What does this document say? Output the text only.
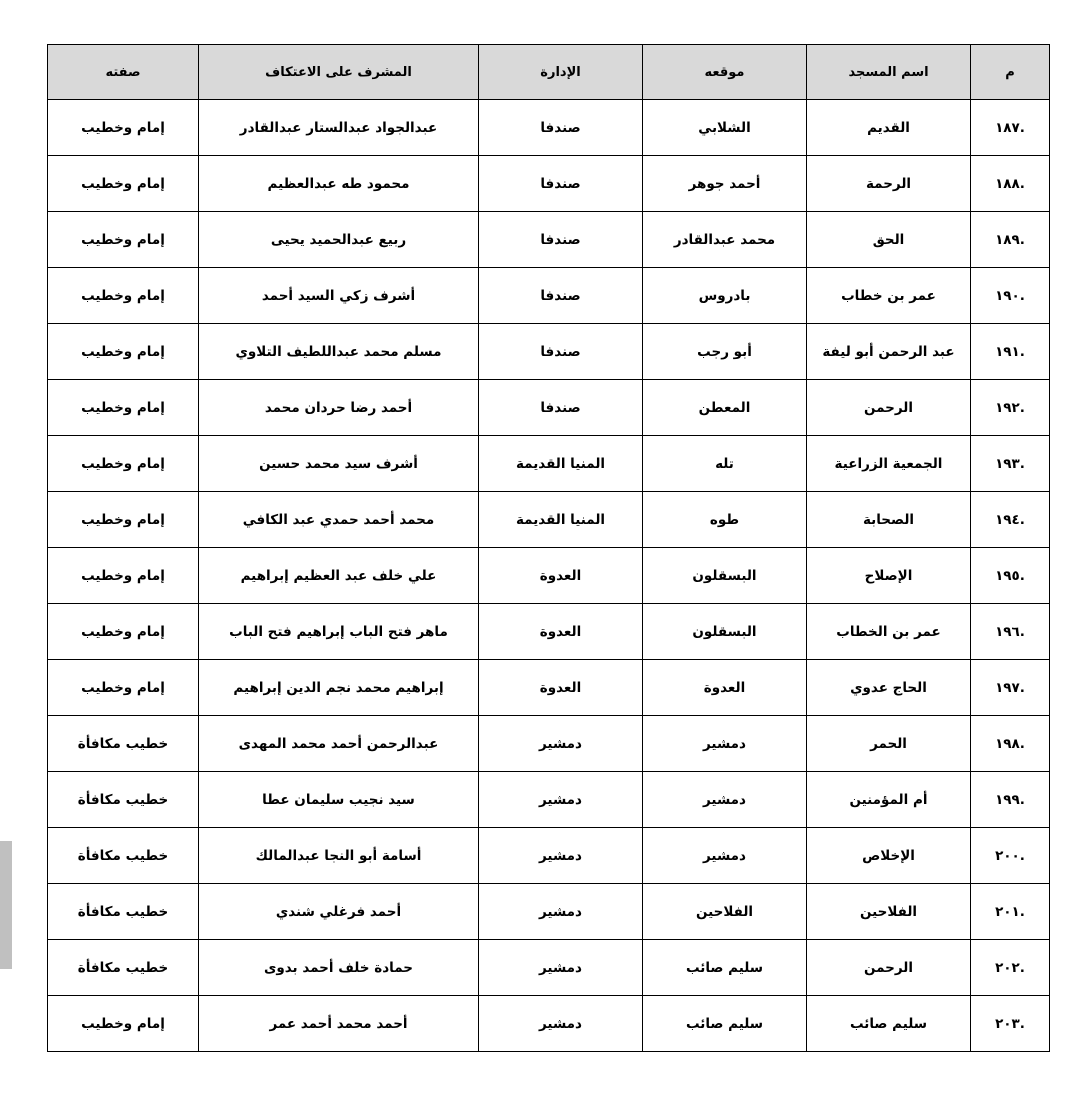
م	اسم المسجد	موقعه	الإدارة	المشرف على الاعتكاف	صفته
.١٨٧	القديم	الشلابي	صندفا	عبدالجواد عبدالستار عبدالقادر	إمام وخطيب
.١٨٨	الرحمة	أحمد جوهر	صندفا	محمود طه عبدالعظيم	إمام وخطيب
.١٨٩	الحق	محمد عبدالقادر	صندفا	ربيع عبدالحميد يحيى	إمام وخطيب
.١٩٠	عمر بن خطاب	بادروس	صندفا	أشرف زكي السيد أحمد	إمام وخطيب
.١٩١	عبد الرحمن أبو ليفة	أبو رجب	صندفا	مسلم محمد عبداللطيف التلاوي	إمام وخطيب
.١٩٢	الرحمن	المعطن	صندفا	أحمد رضا حردان محمد	إمام وخطيب
.١٩٣	الجمعية الزراعية	تله	المنيا القديمة	أشرف سيد محمد حسين	إمام وخطيب
.١٩٤	الصحابة	طوه	المنيا القديمة	محمد أحمد حمدي عبد الكافي	إمام وخطيب
.١٩٥	الإصلاح	البسقلون	العدوة	علي خلف عبد العظيم إبراهيم	إمام وخطيب
.١٩٦	عمر بن الخطاب	البسقلون	العدوة	ماهر فتح الباب إبراهيم فتح الباب	إمام وخطيب
.١٩٧	الحاج عدوي	العدوة	العدوة	إبراهيم محمد نجم الدين إبراهيم	إمام وخطيب
.١٩٨	الحمر	دمشير	دمشير	عبدالرحمن أحمد محمد المهدى	خطيب مكافأة
.١٩٩	أم المؤمنين	دمشير	دمشير	سيد نجيب سليمان عطا	خطيب مكافأة
.٢٠٠	الإخلاص	دمشير	دمشير	أسامة أبو النجا عبدالمالك	خطيب مكافأة
.٢٠١	الفلاحين	الفلاحين	دمشير	أحمد فرغلي شندي	خطيب مكافأة
.٢٠٢	الرحمن	سليم صائب	دمشير	حمادة خلف أحمد بدوى	خطيب مكافأة
.٢٠٣	سليم صائب	سليم صائب	دمشير	أحمد محمد أحمد عمر	إمام وخطيب
